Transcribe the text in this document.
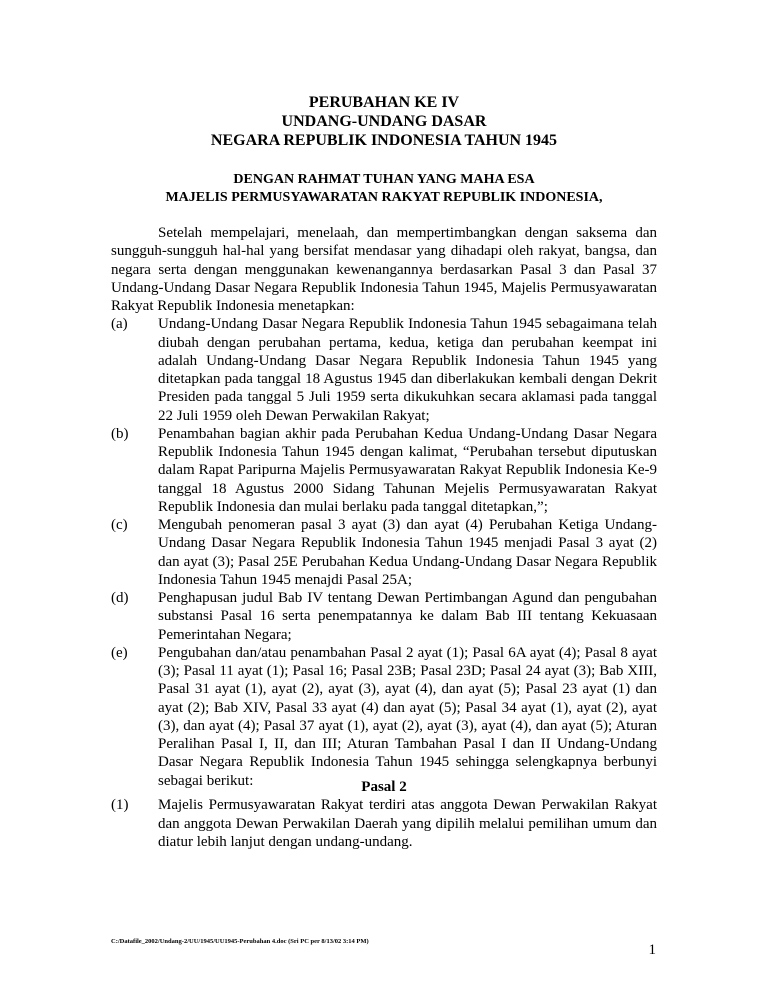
PERUBAHAN KE IV
UNDANG-UNDANG DASAR
NEGARA REPUBLIK INDONESIA TAHUN 1945
DENGAN RAHMAT TUHAN YANG MAHA ESA
MAJELIS PERMUSYAWARATAN RAKYAT REPUBLIK INDONESIA,

Setelah mempelajari, menelaah, dan mempertimbangkan dengan saksema dan sungguh-sungguh hal-hal yang bersifat mendasar yang dihadapi oleh rakyat, bangsa, dan negara serta dengan menggunakan kewenangannya berdasarkan Pasal 3 dan Pasal 37 Undang-Undang Dasar Negara Republik Indonesia Tahun 1945, Majelis Permusyawaratan Rakyat Republik Indonesia menetapkan:

(a)	Undang-Undang Dasar Negara Republik Indonesia Tahun 1945 sebagaimana telah diubah dengan perubahan pertama, kedua, ketiga dan perubahan keempat ini adalah Undang-Undang Dasar Negara Republik Indonesia Tahun 1945 yang ditetapkan pada tanggal 18 Agustus 1945 dan diberlakukan kembali dengan Dekrit Presiden pada tanggal 5 Juli 1959 serta dikukuhkan secara aklamasi pada tanggal 22 Juli 1959 oleh Dewan Perwakilan Rakyat;
(b)	Penambahan bagian akhir pada Perubahan Kedua Undang-Undang Dasar Negara Republik Indonesia Tahun 1945 dengan kalimat, “Perubahan tersebut diputuskan dalam Rapat Paripurna Majelis Permusyawaratan Rakyat Republik Indonesia Ke-9 tanggal 18 Agustus 2000 Sidang Tahunan Mejelis Permusyawaratan Rakyat Republik Indonesia dan mulai berlaku pada tanggal ditetapkan,”;
(c)	Mengubah penomeran pasal 3 ayat (3) dan ayat (4) Perubahan Ketiga Undang-Undang Dasar Negara Republik Indonesia Tahun 1945 menjadi Pasal 3 ayat (2) dan ayat (3); Pasal 25E Perubahan Kedua Undang-Undang Dasar Negara Republik Indonesia Tahun 1945 menajdi Pasal 25A;
(d)	Penghapusan judul Bab IV tentang Dewan Pertimbangan Agund dan pengubahan substansi Pasal 16 serta penempatannya ke dalam Bab III tentang Kekuasaan Pemerintahan Negara;
(e)	Pengubahan dan/atau penambahan Pasal 2 ayat (1); Pasal 6A ayat (4); Pasal 8 ayat (3); Pasal 11 ayat (1); Pasal 16; Pasal 23B; Pasal 23D; Pasal 24 ayat (3); Bab XIII, Pasal 31 ayat (1), ayat (2), ayat (3), ayat (4), dan ayat (5); Pasal 23 ayat (1) dan ayat (2); Bab XIV, Pasal 33 ayat (4) dan ayat (5); Pasal 34 ayat (1), ayat (2), ayat (3), dan ayat (4); Pasal 37 ayat (1), ayat (2), ayat (3), ayat (4), dan ayat (5); Aturan Peralihan Pasal I, II, dan III; Aturan Tambahan Pasal I dan II Undang-Undang Dasar Negara Republik Indonesia Tahun 1945 sehingga selengkapnya berbunyi sebagai berikut:	Pasal 2

(1)	Majelis Permusyawaratan Rakyat terdiri atas anggota Dewan Perwakilan Rakyat dan anggota Dewan Perwakilan Daerah yang dipilih melalui pemilihan umum dan diatur lebih lanjut dengan undang-undang.
C:/Datafile_2002/Undang-2/UU/1945/UU1945-Perubahan 4.doc (Sri PC per 8/13/02 3:14 PM)
1
